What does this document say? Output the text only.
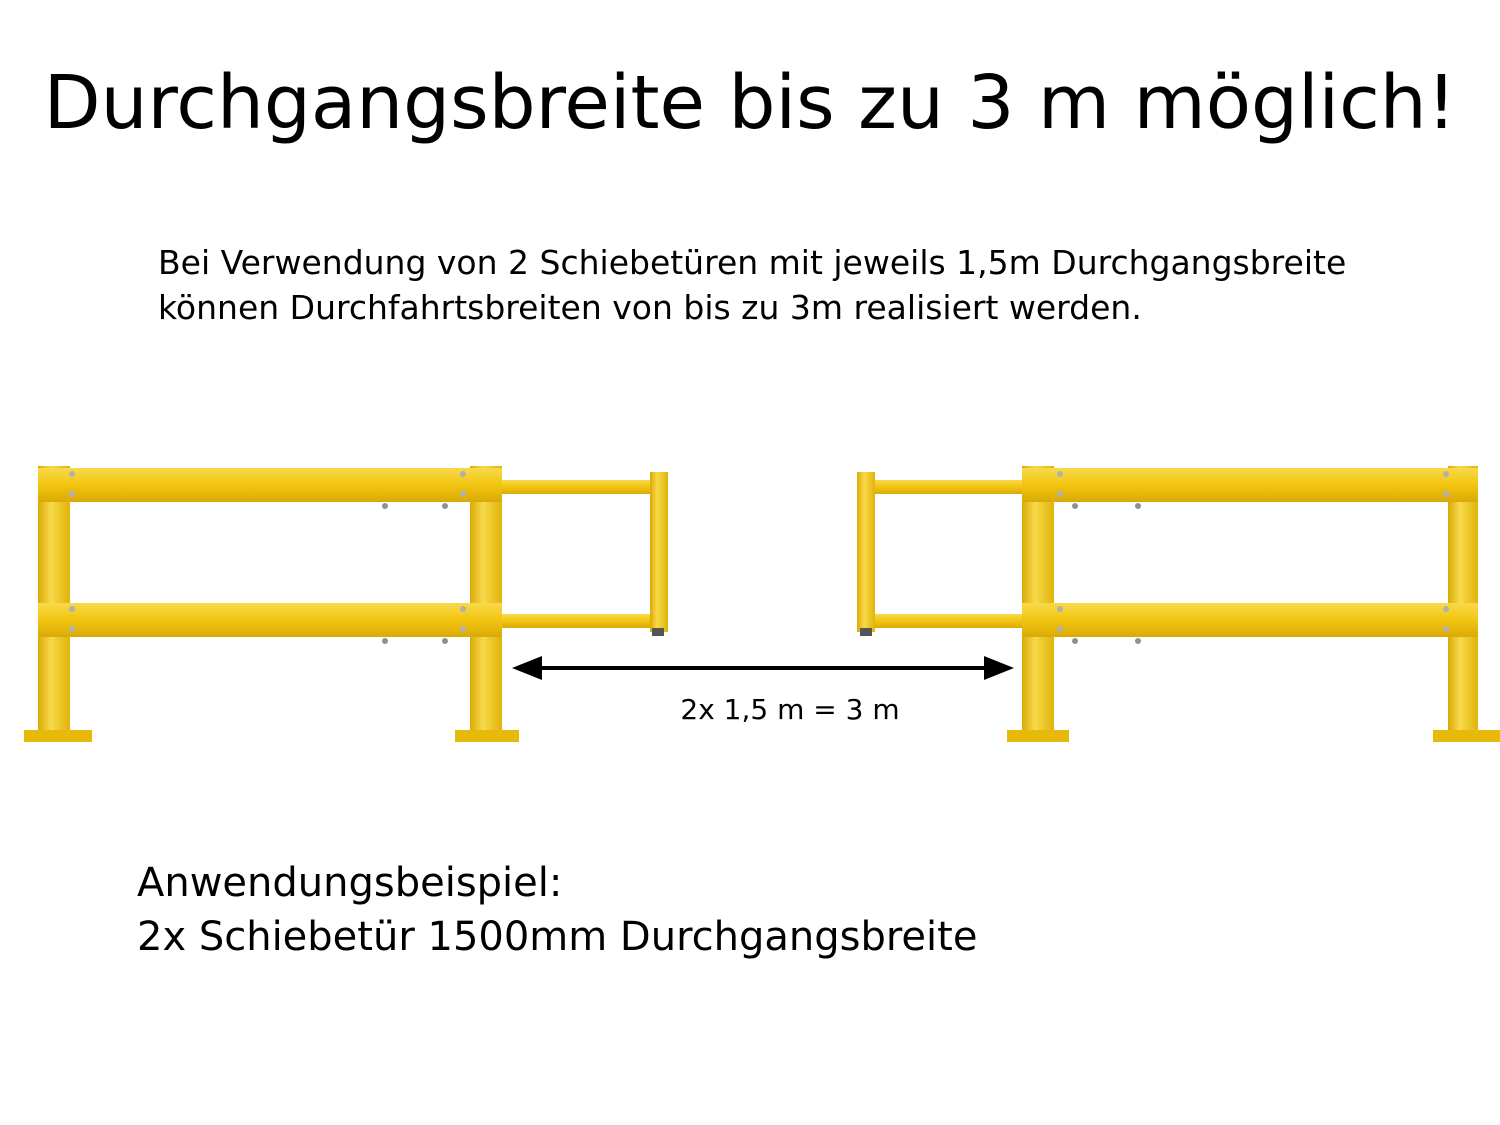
Durchgangsbreite bis zu 3 m möglich!
Bei Verwendung von 2 Schiebetüren mit jeweils 1,5m Durchgangsbreite
können Durchfahrtsbreiten von bis zu 3m realisiert werden.
2x 1,5 m = 3 m
Anwendungsbeispiel:
2x Schiebetür 1500mm Durchgangsbreite
